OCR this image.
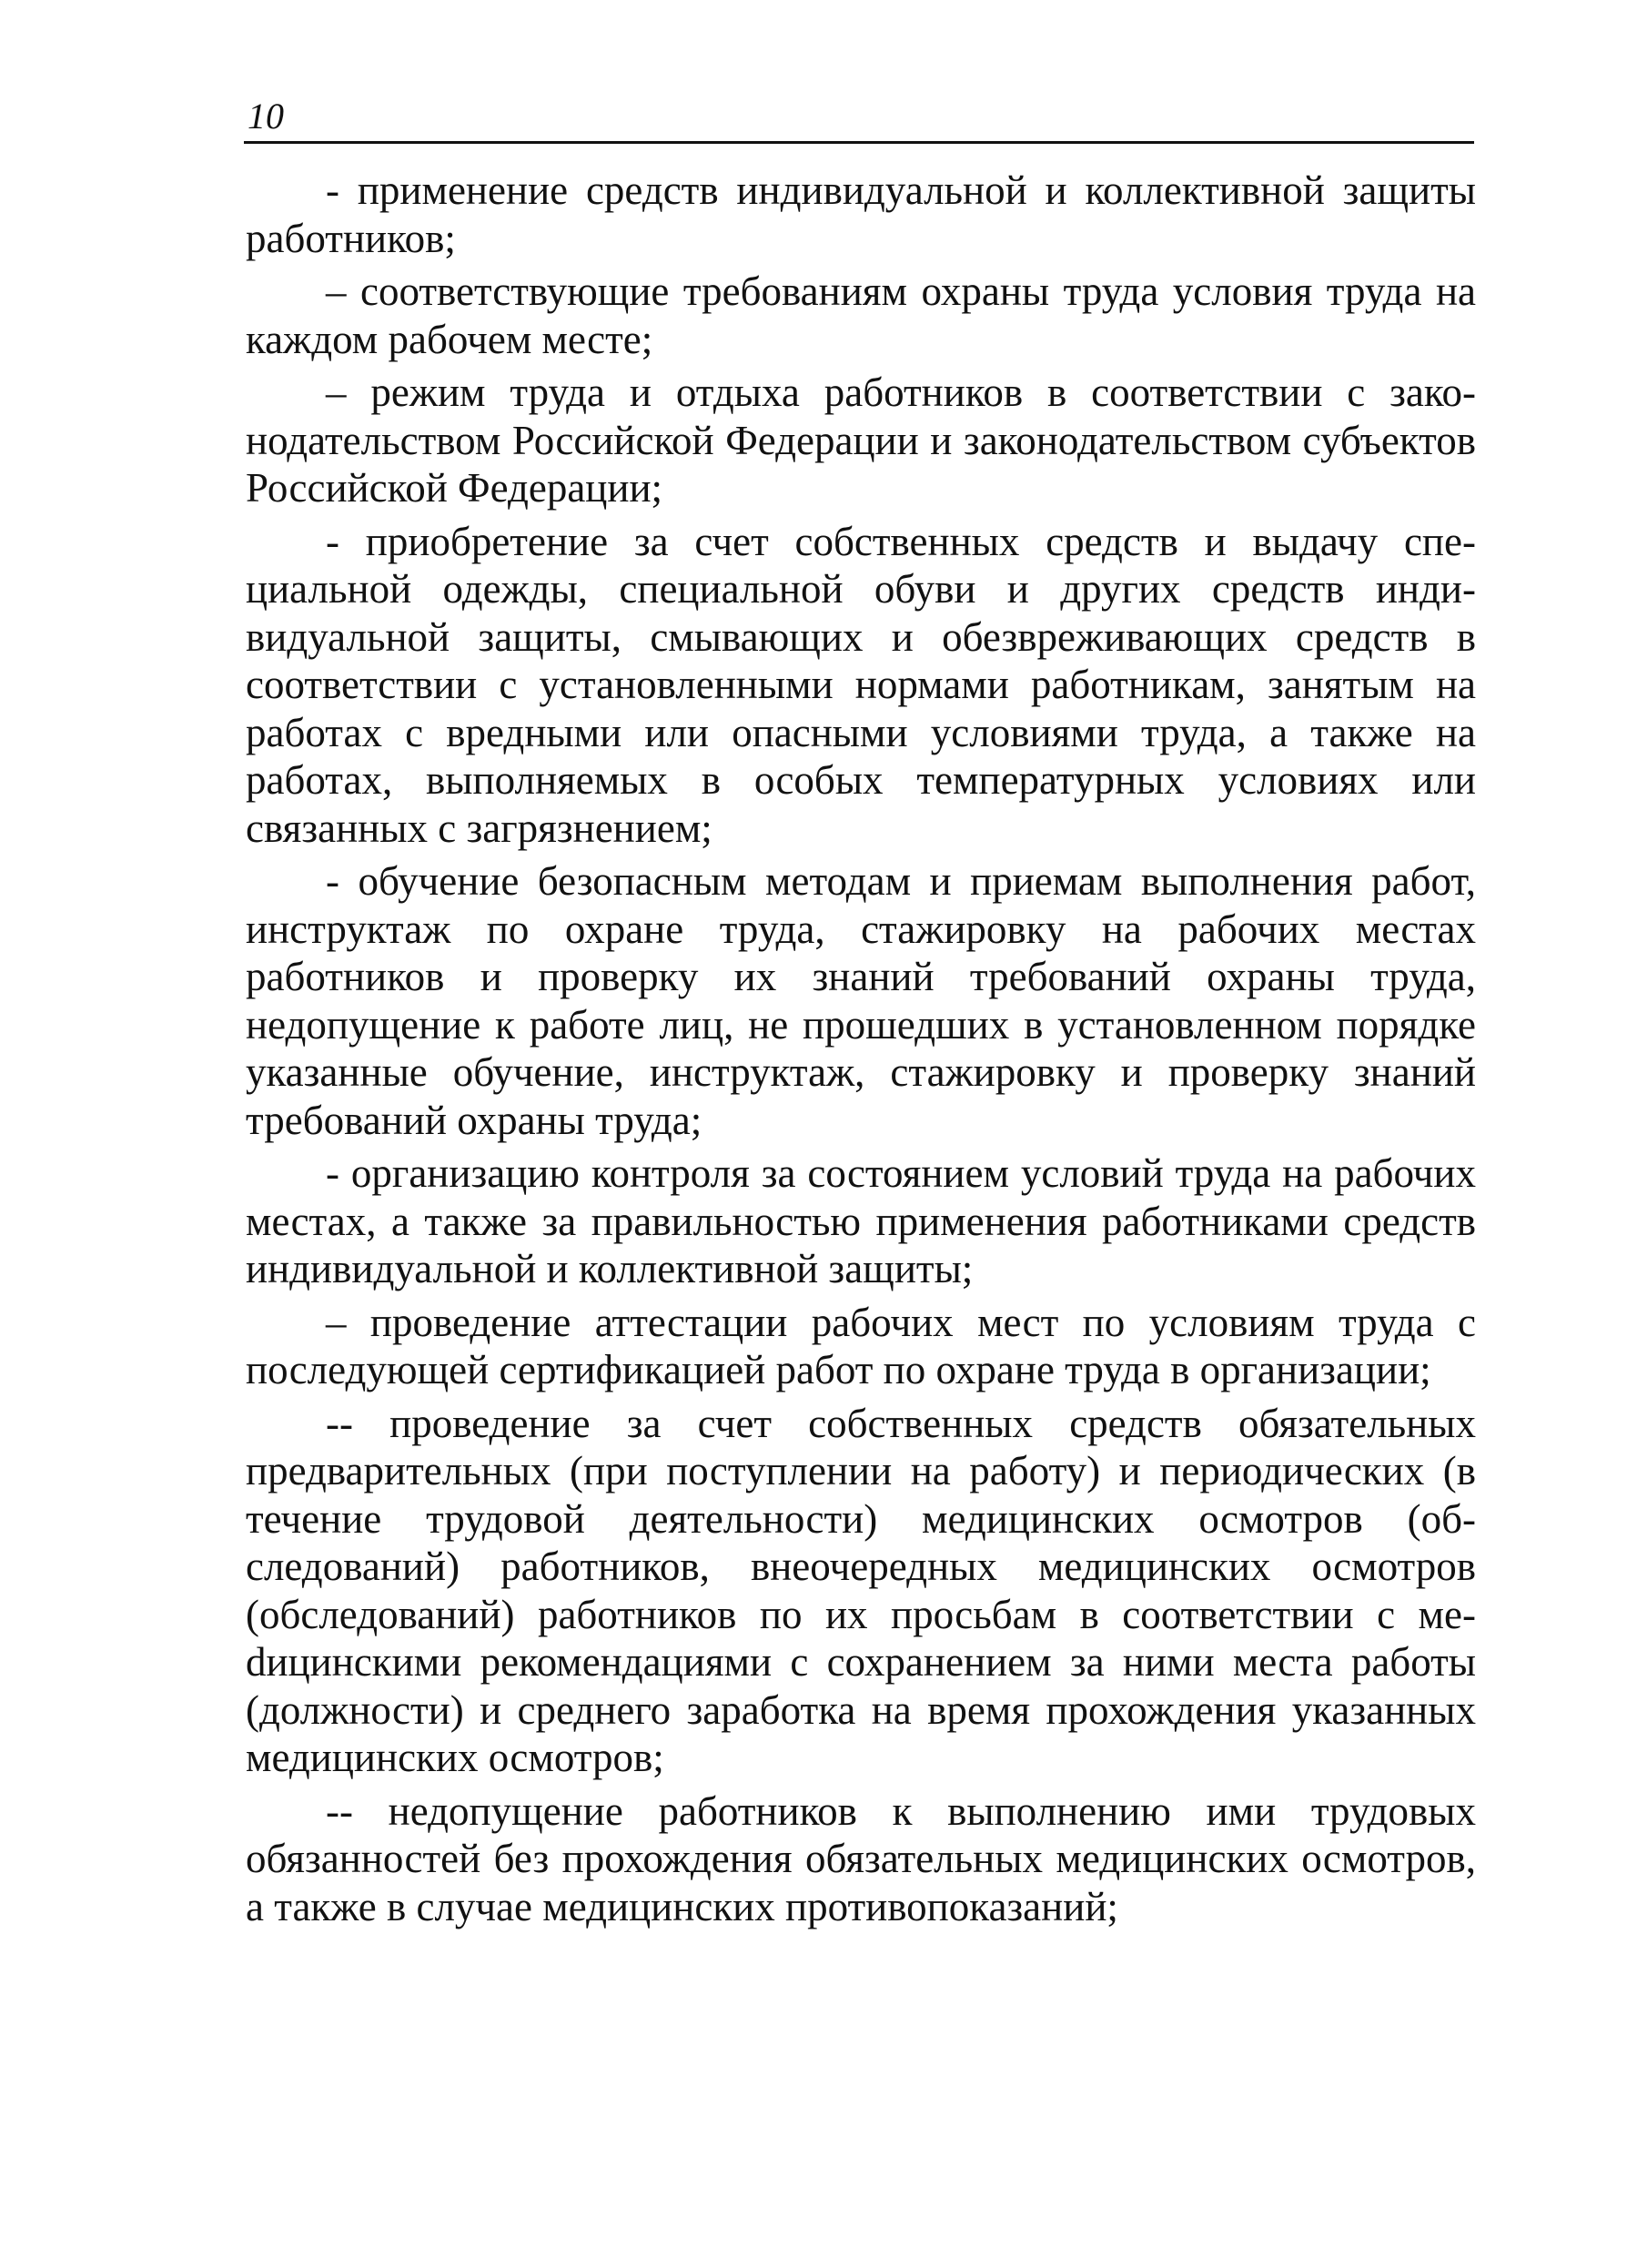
10

- применение средств индивидуальной и коллективной защиты работников;

– соответствующие требованиям охраны труда условия труда на каждом рабочем месте;

– режим труда и отдыха работников в соответствии с законодательством Российской Федерации и законодательством субъектов Российской Федерации;

- приобретение за счет собственных средств и выдачу специальной одежды, специальной обуви и других средств индивидуальной защиты, смывающих и обезвреживающих средств в соответствии с установленными нормами работникам, занятым на работах с вредными или опасными условиями труда, а также на работах, выполняемых в особых температурных условиях или связанных с загрязнением;

- обучение безопасным методам и приемам выполнения работ, инструктаж по охране труда, стажировку на рабочих местах работников и проверку их знаний требований охраны труда, недопущение к работе лиц, не прошедших в установленном порядке указанные обучение, инструктаж, стажировку и проверку знаний требований охраны труда;

- организацию контроля за состоянием условий труда на рабочих местах, а также за правильностью применения работниками средств индивидуальной и коллективной защиты;

– проведение аттестации рабочих мест по условиям труда с последующей сертификацией работ по охране труда в организации;

-- проведение за счет собственных средств обязательных предварительных (при поступлении на работу) и периодических (в течение трудовой деятельности) медицинских осмотров (обследований) работников, внеочередных медицинских осмотров (обследований) работников по их просьбам в соответствии с меdицинскими рекомендациями с сохранением за ними места работы (должности) и среднего заработка на время прохождения указанных медицинских осмотров;

-- недопущение работников к выполнению ими трудовых обязанностей без прохождения обязательных медицинских осмотров, а также в случае медицинских противопоказаний;
